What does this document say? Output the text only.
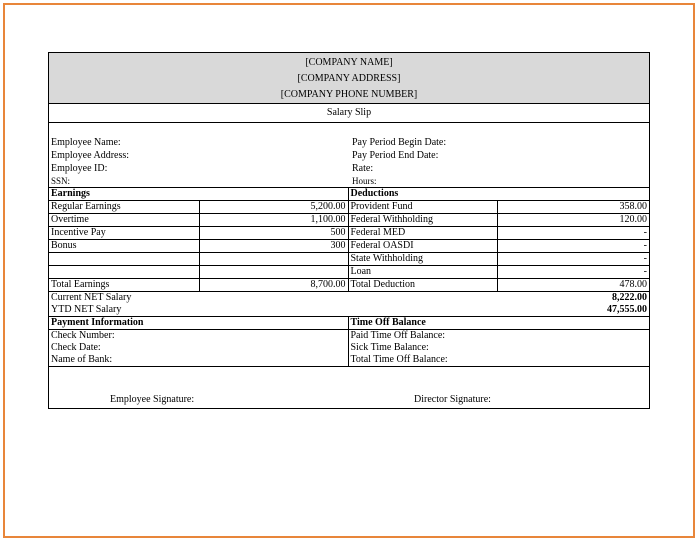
[COMPANY NAME]
[COMPANY ADDRESS]
[COMPANY PHONE NUMBER]
Salary Slip
Employee Name:
Employee Address:
Employee ID:
SSN:
Pay Period Begin Date:
Pay Period End Date:
Rate:
Hours:
Earnings		Deductions	
Regular Earnings	5,200.00	Provident Fund	358.00
Overtime	1,100.00	Federal Withholding	120.00
Incentive Pay	500	Federal MED	-
Bonus	300	Federal OASDI	-
		State Withholding	-
		Loan	-
Total Earnings	8,700.00	Total Deduction	478.00
Current NET Salary	8,222.00
YTD NET Salary	47,555.00
Payment Information	Time Off Balance
Check Number:	Paid Time Off Balance:
Check Date:	Sick Time Balance:
Name of Bank:	Total Time Off Balance:
Employee Signature:	Director Signature:
